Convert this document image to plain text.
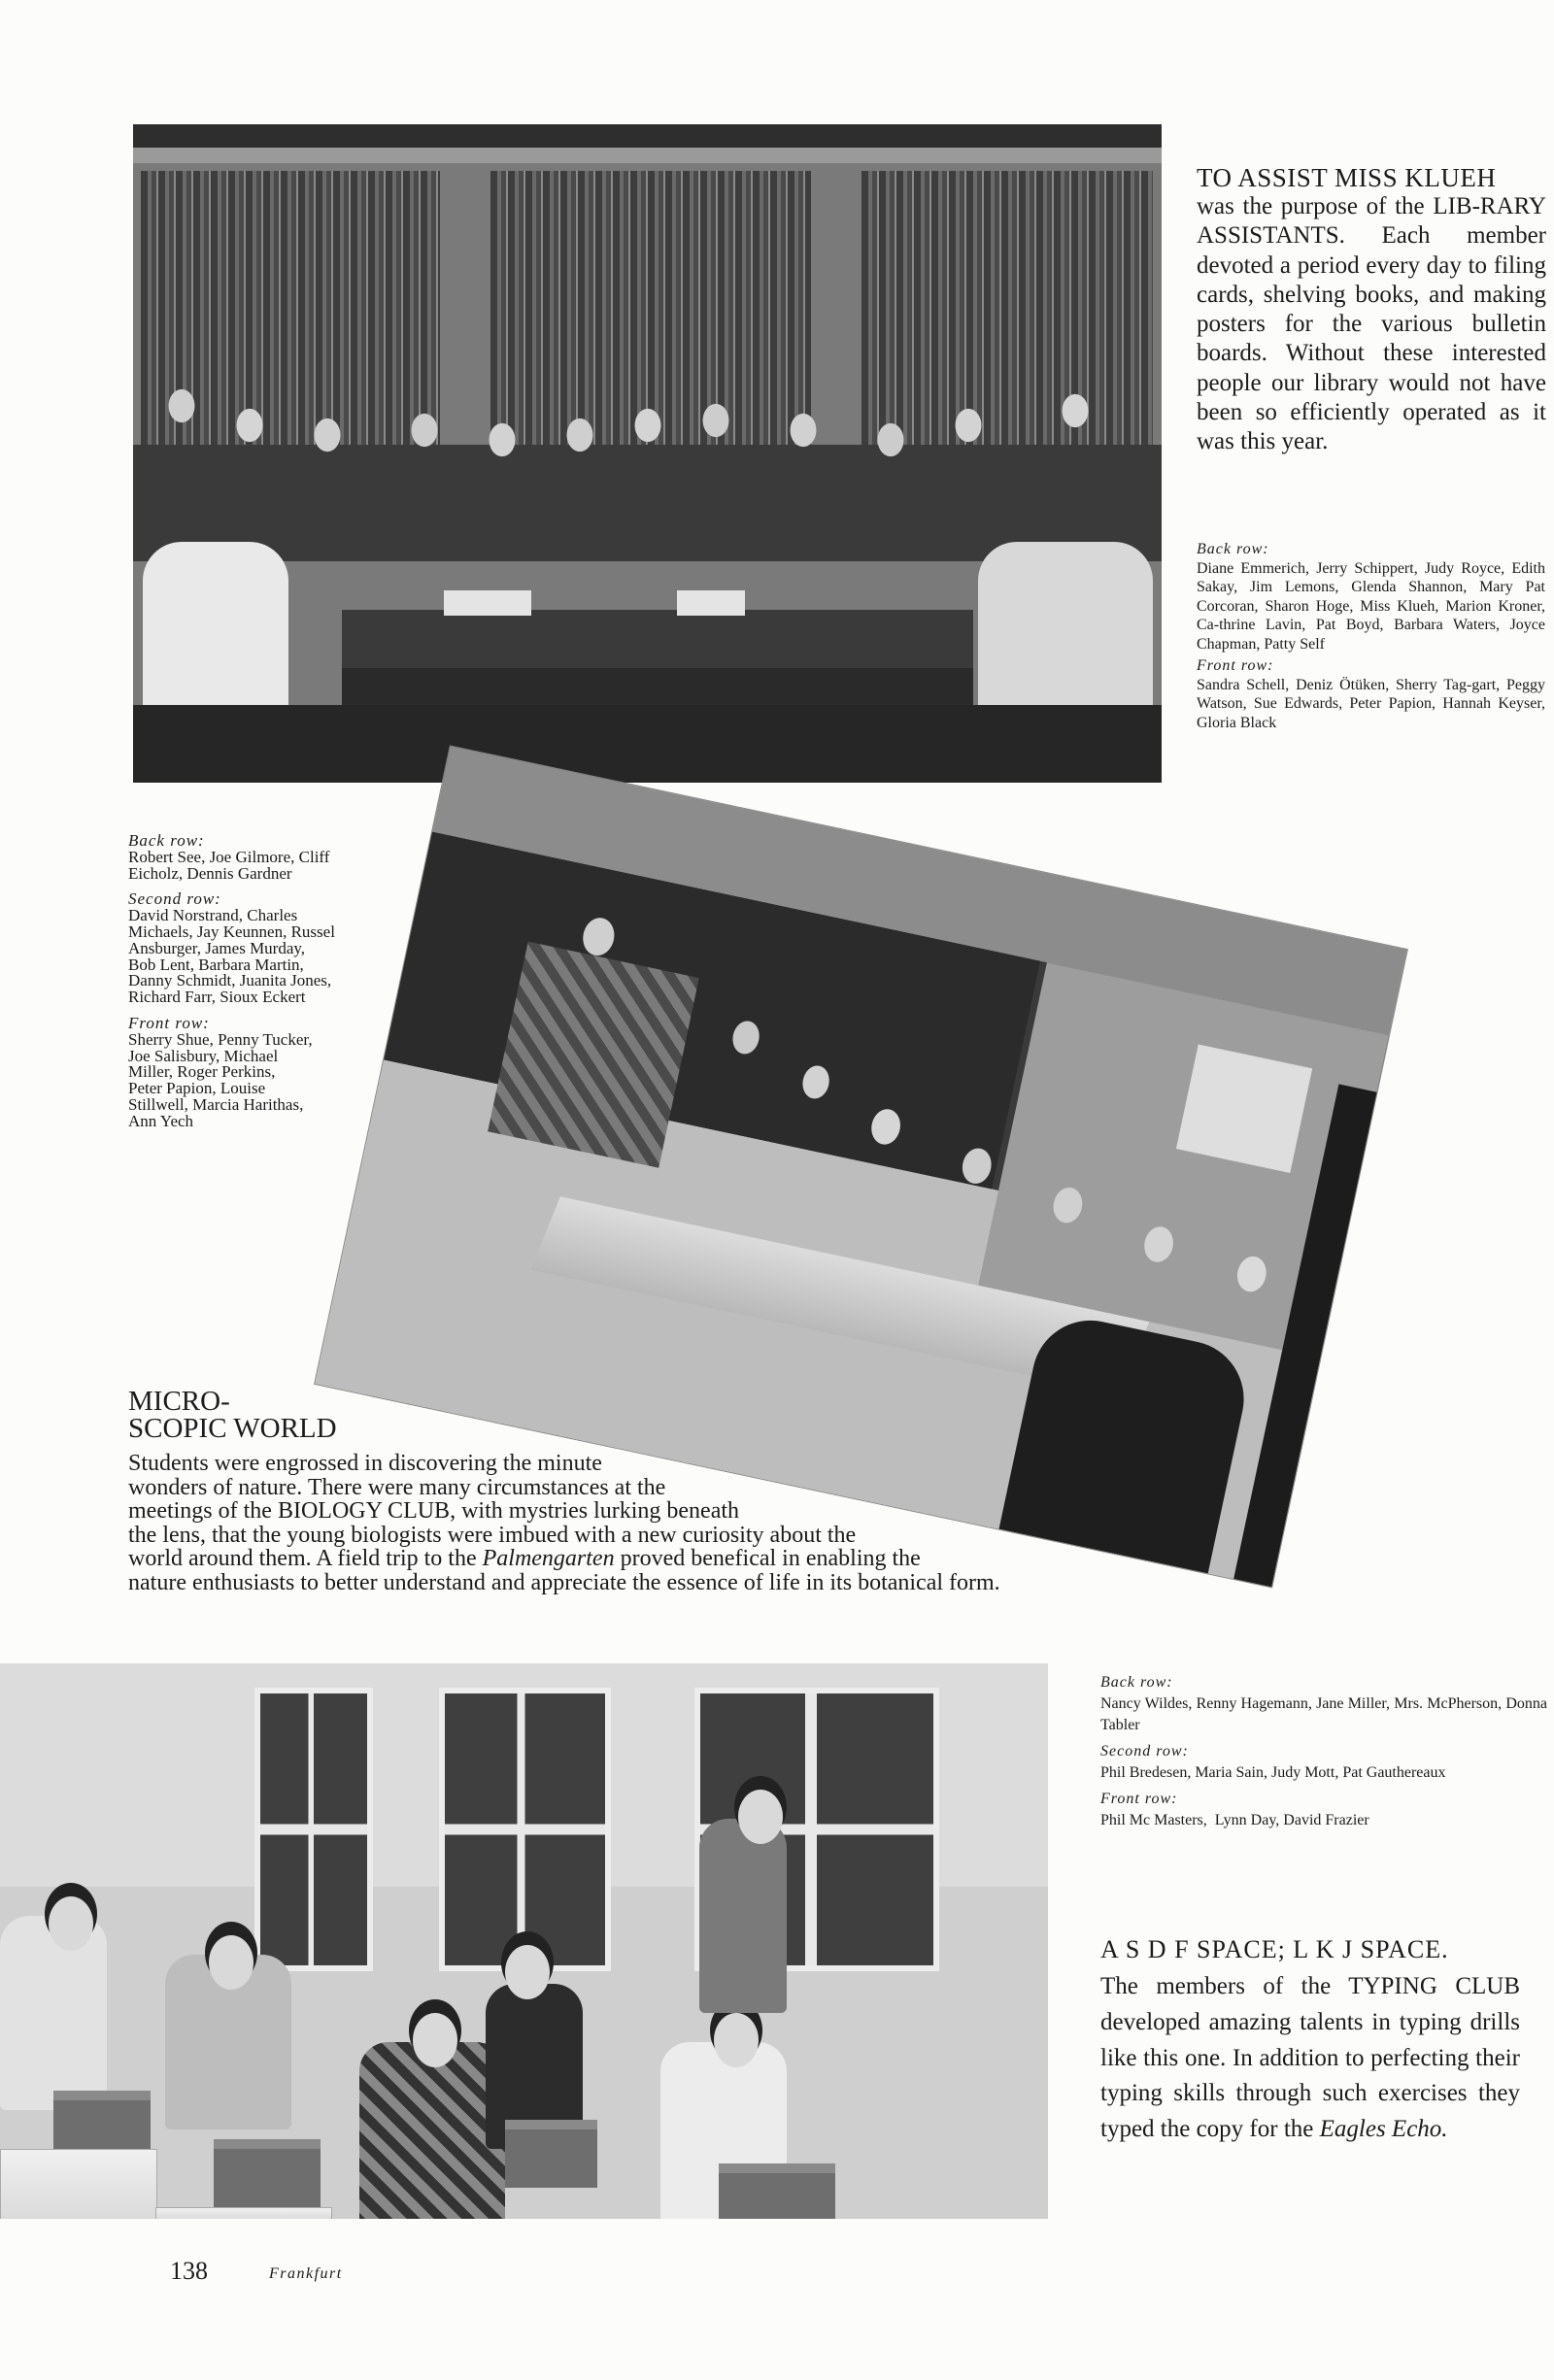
TO ASSIST MISS KLUEH
was the purpose of the LIB-RARY ASSISTANTS. Each member devoted a period every day to filing cards, shelving books, and making posters for the various bulletin boards. Without these interested people our library would not have been so efficiently operated as it was this year.
Back row:
Diane Emmerich, Jerry Schippert, Judy Royce, Edith Sakay, Jim Lemons, Glenda Shannon, Mary Pat Corcoran, Sharon Hoge, Miss Klueh, Marion Kroner, Ca-thrine Lavin, Pat Boyd, Barbara Waters, Joyce Chapman, Patty Self
Front row:
Sandra Schell, Deniz Ötüken, Sherry Tag-gart, Peggy Watson, Sue Edwards, Peter Papion, Hannah Keyser, Gloria Black
Back row:
Robert See, Joe Gilmore, Cliff
Eicholz, Dennis Gardner
Second row:
David Norstrand, Charles
Michaels, Jay Keunnen, Russel
Ansburger, James Murday,
Bob Lent, Barbara Martin,
Danny Schmidt, Juanita Jones,
Richard Farr, Sioux Eckert
Front row:
Sherry Shue, Penny Tucker,
Joe Salisbury, Michael
Miller, Roger Perkins,
Peter Papion, Louise
Stillwell, Marcia Harithas,
Ann Yech
MICRO-
SCOPIC WORLD
Students were engrossed in discovering the minute
wonders of nature. There were many circumstances at the
meetings of the BIOLOGY CLUB, with mystries lurking beneath
the lens, that the young biologists were imbued with a new curiosity about the
world around them. A field trip to the Palmengarten proved benefical in enabling the
nature enthusiasts to better understand and appreciate the essence of life in its botanical form.
Back row:
Nancy Wildes, Renny Hagemann, Jane Miller, Mrs. McPherson, Donna Tabler
Second row:
Phil Bredesen, Maria Sain, Judy Mott, Pat Gauthereaux
Front row:
Phil Mc Masters,  Lynn Day, David Frazier
A S D F SPACE; L K J SPACE.
The members of the TYPING CLUB developed amazing talents in typing drills like this one. In addition to perfecting their typing skills through such exercises they typed the copy for the Eagles Echo.
138	Frankfurt
